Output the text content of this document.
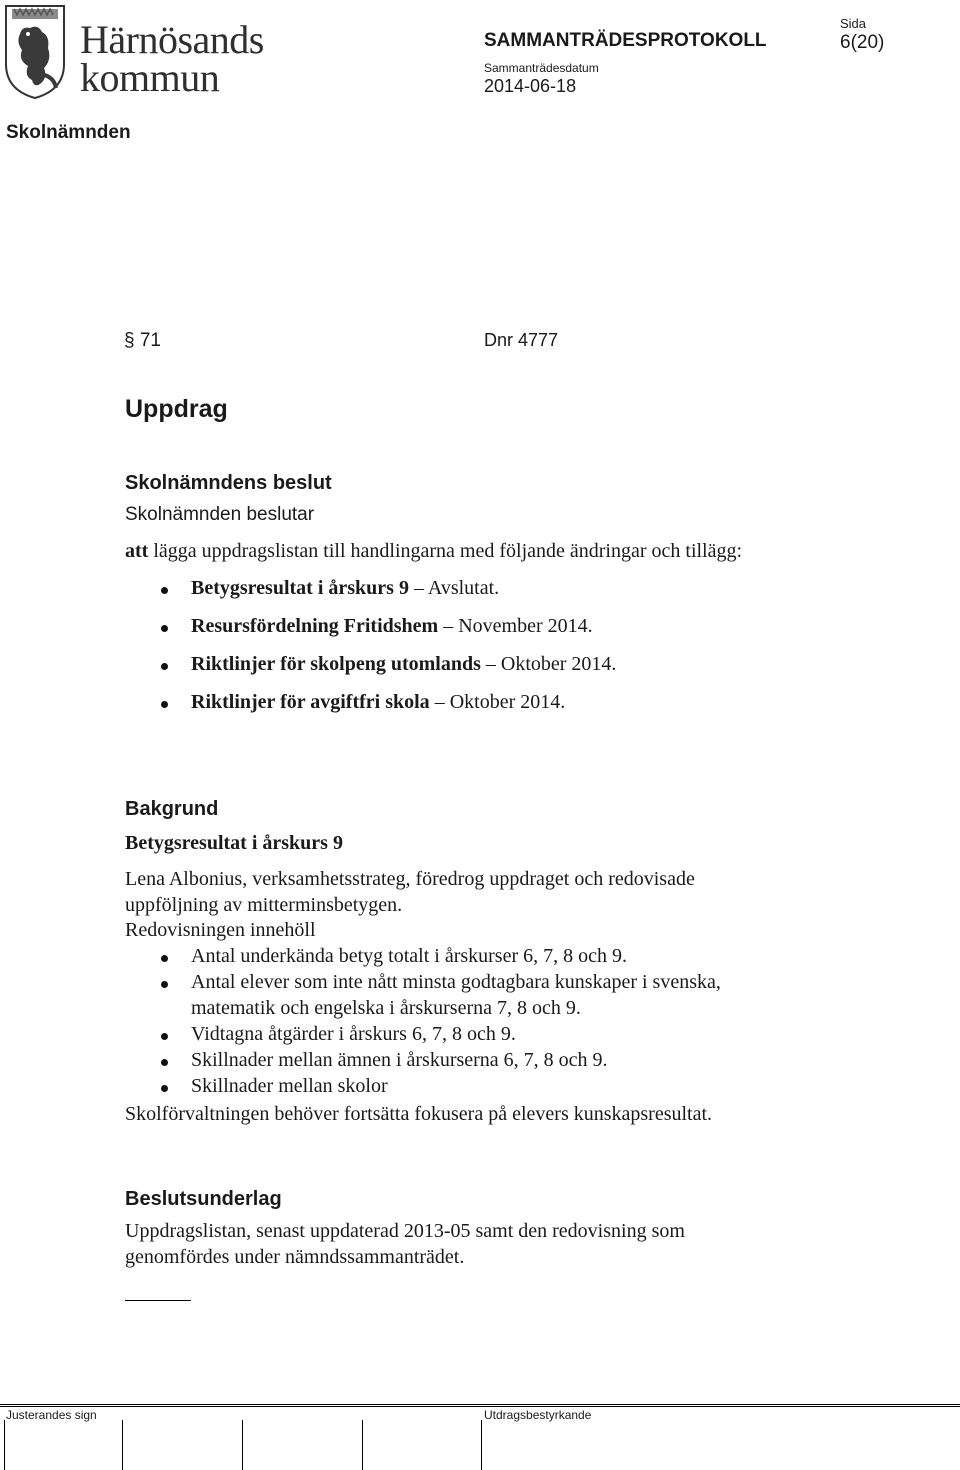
Härnösands
kommun
SAMMANTRÄDESPROTOKOLL
Sammanträdesdatum
2014-06-18
Sida
6(20)
Skolnämnden
§ 71	Dnr 4777
Uppdrag
Skolnämndens beslut
Skolnämnden beslutar
att lägga uppdragslistan till handlingarna med följande ändringar och tillägg:
Betygsresultat i årskurs 9 – Avslutat.
Resursfördelning Fritidshem – November 2014.
Riktlinjer för skolpeng utomlands – Oktober 2014.
Riktlinjer för avgiftfri skola – Oktober 2014.
Bakgrund
Betygsresultat i årskurs 9
Lena Albonius, verksamhetsstrateg, föredrog uppdraget och redovisade
uppföljning av mitterminsbetygen.
Redovisningen innehöll
Antal underkända betyg totalt i årskurser 6, 7, 8 och 9.
Antal elever som inte nått minsta godtagbara kunskaper i svenska,
matematik och engelska i årskurserna 7, 8 och 9.
Vidtagna åtgärder i årskurs 6, 7, 8 och 9.
Skillnader mellan ämnen i årskurserna 6, 7, 8 och 9.
Skillnader mellan skolor
Skolförvaltningen behöver fortsätta fokusera på elevers kunskapsresultat.
Beslutsunderlag
Uppdragslistan, senast uppdaterad 2013-05 samt den redovisning som
genomfördes under nämndssammanträdet.
Justerandes sign	Utdragsbestyrkande
